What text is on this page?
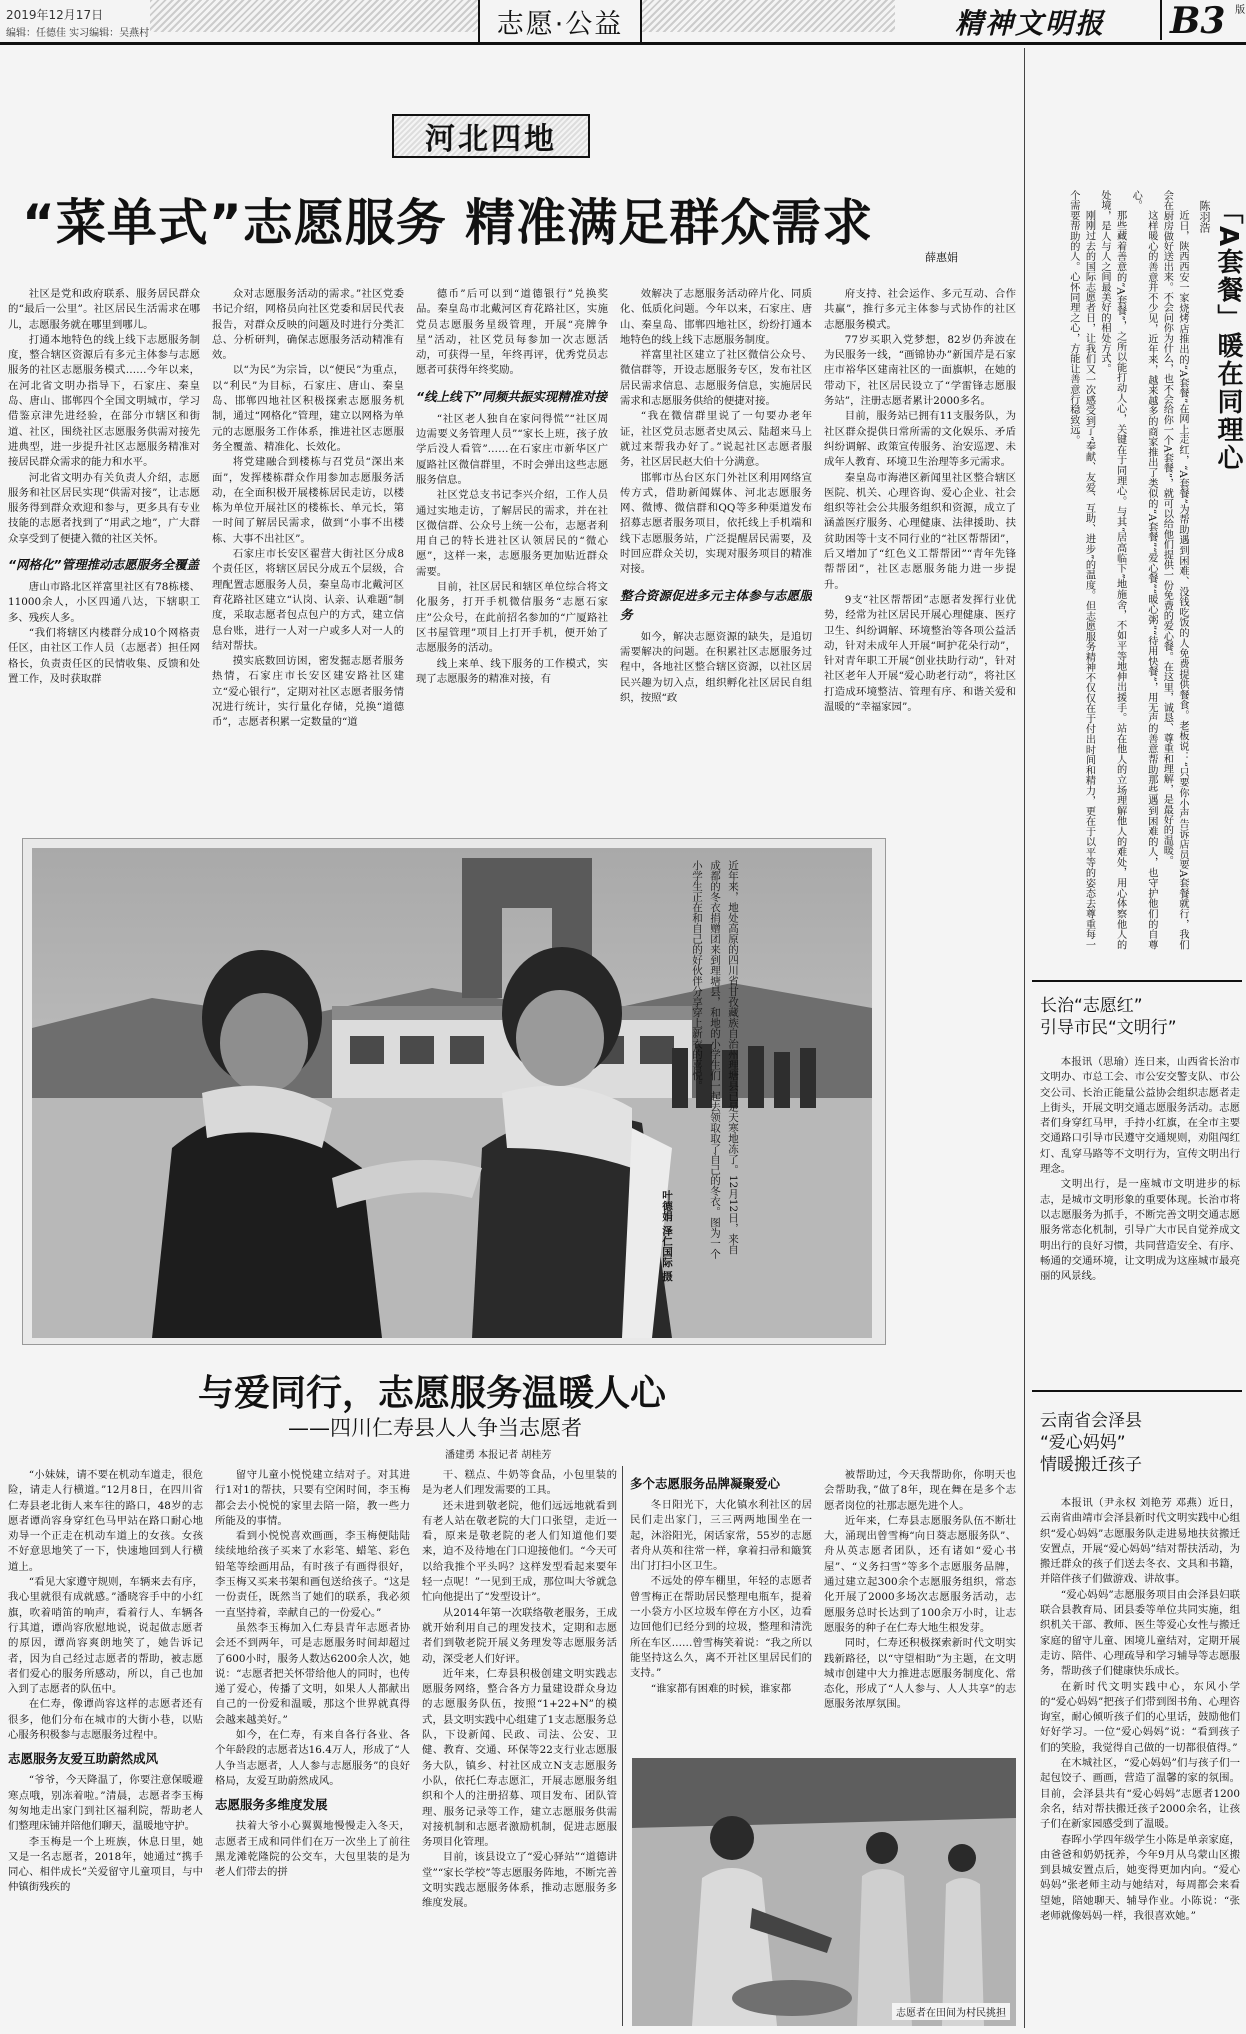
2019年12月17日
编辑：任德佳 实习编辑：吴燕村	志愿·公益	精神文明报 B3 版
河北四地
“菜单式”志愿服务 精准满足群众需求
薛惠娟

社区是党和政府联系、服务居民群众的“最后一公里”。社区居民生活需求在哪儿，志愿服务就在哪里到哪儿。

打通本地特色的线上线下志愿服务制度，整合辖区资源后有多元主体参与志愿服务的社区志愿服务模式……今年以来，在河北省文明办指导下，石家庄、秦皇岛、唐山、邯郸四个全国文明城市，学习借鉴京津先进经验，在部分市辖区和街道、社区，围绕社区志愿服务供需对接先进典型，进一步提升社区志愿服务精准对接居民群众需求的能力和水平。

河北省文明办有关负责人介绍，志愿服务和社区居民实现“供需对接”，让志愿服务得到群众欢迎和参与，更多具有专业技能的志愿者找到了“用武之地”，广大群众享受到了便捷入微的社区关怀。

“网格化”管理推动志愿服务全覆盖

唐山市路北区祥富里社区有78栋楼、11000余人，小区四通八达，下辖职工多、残疾人多。

“我们将辖区内楼群分成10个网格责任区，由社区工作人员（志愿者）担任网格长，负责责任区的民情收集、反馈和处置工作，及时获取群

众对志愿服务活动的需求。”社区党委书记介绍，网格员向社区党委和居民代表报告，对群众反映的问题及时进行分类汇总、分析研判，确保志愿服务活动精准有效。

以“为民”为宗旨，以“便民”为重点，以“利民”为目标，石家庄、唐山、秦皇岛、邯郸四地社区积极探索志愿服务机制，通过“网格化”管理，建立以网格为单元的志愿服务工作体系，推进社区志愿服务全覆盖、精准化、长效化。

将党建融合到楼栋与召党员“深出来面”，发挥楼栋群众作用参加志愿服务活动，在全面积极开展楼栋居民走访，以楼栋为单位开展社区的楼栋长、单元长，第一时间了解居民需求，做到“小事不出楼栋、大事不出社区”。

石家庄市长安区翟营大街社区分成8个责任区，将辖区居民分成五个层级，合理配置志愿服务人员，秦皇岛市北戴河区育花路社区建立“认岗、认亲、认难题”制度，采取志愿者包点包户的方式，建立信息台账，进行一人对一户或多人对一人的结对帮扶。

摸实底数回访困，密发掘志愿者服务热情，石家庄市长安区建安路社区建立“爱心银行”，定期对社区志愿者服务情况进行统计，实行量化存储，兑换“道德币”，志愿者积累一定数量的“道

德币”后可以到“道德银行”兑换奖品。秦皇岛市北戴河区育花路社区，实施党员志愿服务星级管理，开展“亮牌争星”活动，社区党员每参加一次志愿活动，可获得一星，年终再评，优秀党员志愿者可获得年终奖励。

“线上线下”同频共振实现精准对接

“社区老人独自在家问得慌”“社区周边需要义务管理人员”“家长上班，孩子放学后没人看管”……在石家庄市新华区广厦路社区微信群里，不时会弹出这些志愿服务信息。

社区党总支书记李兴介绍，工作人员通过实地走访，了解居民的需求，并在社区微信群、公众号上统一公布，志愿者利用自己的特长进社区认领居民的“微心愿”，这样一来，志愿服务更加贴近群众需要。

目前，社区居民和辖区单位综合将文化服务，打开手机微信服务“志愿石家庄”公众号，在此前招名参加的“广厦路社区书屋管理”项目上打开手机，便开始了志愿服务的活动。

线上来单、线下服务的工作模式，实现了志愿服务的精准对接，有

效解决了志愿服务活动碎片化、同质化、低质化问题。今年以来，石家庄、唐山、秦皇岛、邯郸四地社区，纷纷打通本地特色的线上线下志愿服务制度。

祥富里社区建立了社区微信公众号、微信群等，开设志愿服务专区，发布社区居民需求信息、志愿服务信息，实施居民需求和志愿服务供给的便捷对接。

“我在微信群里说了一句要办老年证，社区党员志愿者史凤云、陆超来马上就过来帮我办好了。”说起社区志愿者服务，社区居民赵大伯十分满意。

邯郸市丛台区东门外社区利用网络宣传方式，借助新闻媒体、河北志愿服务网、微博、微信群和QQ等多种渠道发布招募志愿者服务项目，依托线上手机端和线下志愿服务站，广泛提醒居民需要，及时回应群众关切，实现对服务项目的精准对接。

整合资源促进多元主体参与志愿服务

如今，解决志愿资源的缺失，是追切需要解决的问题。在积累社区志愿服务过程中，各地社区整合辖区资源，以社区居民兴趣为切入点，组织孵化社区居民自组织，按照“政

府支持、社会运作、多元互动、合作共赢”，推行多元主体参与式协作的社区志愿服务模式。

77岁买职入党梦想，82岁仍奔波在为民服务一线，“画锦协办”新国芹是石家庄市裕华区建南社区的一面旗帜，在她的带动下，社区居民设立了“学雷锋志愿服务站”，注册志愿者累计2000多名。

目前，服务站已拥有11支服务队，为社区群众提供日常所需的文化娱乐、矛盾纠纷调解、政策宣传服务、治安巡逻、未成年人教育、环境卫生治理等多元需求。

秦皇岛市海港区新闻里社区整合辖区医院、机关、心理咨询、爱心企业、社会组织等社会公共服务组织和资源，成立了涵盖医疗服务、心理健康、法律援助、扶贫助困等十支不同行业的“社区帮帮团”，后又增加了“红色义工帮帮团”“青年先锋帮帮团”，社区志愿服务能力进一步提升。

9支“社区帮帮团”志愿者发挥行业优势，经常为社区居民开展心理健康、医疗卫生、纠纷调解、环境整治等各项公益活动，针对未成年人开展“呵护花朵行动”，针对青年职工开展“创业扶助行动”，针对社区老年人开展“爱心助老行动”，将社区打造成环境整洁、管理有序、和谐关爱和温暖的“幸福家园”。

近年来，地处高原的四川省甘孜藏族自治州理塘县已是天寒地冻了。12月12日，来自成都的冬衣捐赠团来到理塘县，和地的小学生们一起去领取取了自己的冬衣。图为一个小学生正在和自己的好伙伴分享穿上新衣的喜悦。
叶德娟 泽仁国际 摄
与爱同行，志愿服务温暖人心
——四川仁寿县人人争当志愿者
潘建勇 本报记者 胡桂芳

“小妹妹，请不要在机动车道走，很危险，请走人行横道。”12月8日，在四川省仁寿县老北街人来车往的路口，48岁的志愿者谭尚容身穿红色马甲站在路口耐心地劝导一个正走在机动车道上的女孩。女孩不好意思地笑了一下，快速地回到人行横道上。

“看见大家遵守规则，车辆来去有序，我心里就很有成就感。”潘晓容手中的小红旗，吹着哨笛的响声，看着行人、车辆各行其道，谭尚容欣慰地说，说起做志愿者的原因，谭尚容爽朗地笑了，她告诉记者，因为自己经过志愿者的帮助，被志愿者们爱心的服务所感动，所以，自己也加入到了志愿者的队伍中。

在仁寿，像谭尚容这样的志愿者还有很多，他们分布在城市的大街小巷，以贴心服务积极参与志愿服务过程中。

志愿服务友爱互助蔚然成风

“爷爷，今天降温了，你要注意保暖避寒点哦，别冻着啦。”清晨，志愿者李玉梅匆匆地走出家门到社区福利院，帮助老人们整理床铺并陪他们聊天，温暖地守护。

李玉梅是一个上班族，休息日里，她又是一名志愿者，2018年，她通过“携手同心、相伴成长”关爱留守儿童项目，与中仲镇街残疾的

留守儿童小悦悦建立结对子。对其进行1对1的帮扶，只要有空闲时间，李玉梅都会去小悦悦的家里去陪一陪，教一些力所能及的事情。

看到小悦悦喜欢画画，李玉梅便陆陆续续地给孩子买来了水彩笔、蜡笔、彩色铅笔等绘画用品，有时孩子有画得很好，李玉梅又买来书架和画包送给孩子。“这是一份责任，既然当了她们的联系，我必须一直坚持着，幸献自己的一份爱心。”

虽然李玉梅加入仁寿县青年志愿者协会还不到两年，可是志愿服务时间却超过了600小时，服务人数达6200余人次，她说：“志愿者把关怀带给他人的同时，也传递了爱心，传播了文明，如果人人都献出自己的一份爱和温暖，那这个世界就真得会越来越美好。”

如今，在仁寿，有来自各行各业、各个年龄段的志愿者达16.4万人，形成了“人人争当志愿者，人人参与志愿服务”的良好格局，友爱互助蔚然成风。

志愿服务多维度发展

扶着大爷小心翼翼地慢慢走入冬天，志愿者王成和同伴们在万一次坐上了前往黑龙滩乾隆院的公交车，大包里装的是为老人们带去的拼

干、糕点、牛奶等食品，小包里装的是为老人们理发需要的工具。

还未进到敬老院，他们远远地就看到有老人站在敬老院的大门口张望，走近一看，原来是敬老院的老人们知道他们要来，迫不及待地在门口迎接他们。“今天可以给我推个平头吗？这样发型看起来要年轻一点呢！”一见到王成，那位叫大爷就急忙向他提出了“发型设计”。

从2014年第一次联络敬老服务，王成就开始利用自己的理发技术，定期和志愿者们到敬老院开展义务理发等志愿服务活动，深受老人们好评。

近年来，仁寿县积极创建文明实践志愿服务网络，整合各方力量建设群众身边的志愿服务队伍，按照“1+22+N”的模式，县文明实践中心组建了1支志愿服务总队，下设新闻、民政、司法、公安、卫健、教育、交通、环保等22支行业志愿服务大队，镇乡、村社区成立N支志愿服务小队，依托仁寿志愿汇，开展志愿服务组织和个人的注册招募、项目发布、团队管理、服务记录等工作，建立志愿服务供需对接机制和志愿者激励机制，促进志愿服务项目化管理。

目前，该县设立了“爱心驿站”“道德讲堂”“家长学校”等志愿服务阵地，不断完善文明实践志愿服务体系，推动志愿服务多维度发展。

多个志愿服务品牌凝聚爱心

冬日阳光下，大化镇水利社区的居民们走出家门，三三两两地围坐在一起，沐浴阳光，闲话家常，55岁的志愿者舟从英和往常一样，拿着扫帚和簸箕出门打扫小区卫生。

不远处的停车棚里，年轻的志愿者曾雪梅正在帮助居民整理电瓶车，提着一小袋方小区垃圾车停在方小区，边看边回他们已经分到的垃圾，整理和清洗所在车区……曾雪梅笑着说：“我之所以能坚持这么久，离不开社区里居民们的支持。”

“谁家都有困难的时候，谁家都

被帮助过，今天我帮助你，你明天也会帮助我，”做了8年，现在舞在是多个志愿者岗位的社那志愿先进个人。

近年来，仁寿县志愿服务队伍不断壮大，涌现出曾雪梅“向日葵志愿服务队”、舟从英志愿者团队，还有诸如“爱心书屋”、“义务扫雪”等多个志愿服务品牌，通过建立起300余个志愿服务组织，常态化开展了2000多场次志愿服务活动，志愿服务总时长达到了100余万小时，让志愿服务的种子在仁寿大地生根发芽。

同时，仁寿还积极探索新时代文明实践新路径，以“守望相助”为主题，在文明城市创建中大力推进志愿服务制度化、常态化，形成了“人人参与、人人共享”的志愿服务浓厚氛围。

志愿者在田间为村民挑担
「A套餐」暖在同理心
陈羽浩

近日，陕西西安一家烧烤店推出的“A套餐”在网上走红，“A套餐”为帮助遇到困难、没钱吃饭的人免费提供餐食。老板说：“只要你小声告诉店员要A套餐就行，我们会在厨房做好送出来。不会问你为什么，也不会给你一个A套餐”，就可以给他们提供一份免费的爱心餐。在这里，诚恳、尊重和理解，是最好的温暖。

这样暖心的善意并不少见，近年来，越来越多的商家推出了类似的“A套餐”“爱心餐”“暖心粥”“待用快餐”，用无声的善意帮助那些遇到困难的人，也守护他们的自尊心。

那些藏着善意的“A套餐”，之所以能打动人心，关键在于同理心。与其“居高临下”地施舍，不如平等地伸出援手。站在他人的立场理解他人的难处，用心体察他人的处境，是人与人之间最美好的相处方式。

刚刚过去的国际志愿者日，让我们又一次感受到了“奉献、友爱、互助、进步”的温度。但志愿服务精神不仅仅在于付出时间和精力，更在于以平等的姿态去尊重每一个需要帮助的人。心怀同理之心，方能让善意行稳致远。

长治“志愿红”
引导市民“文明行”

本报讯（思瑜）连日来，山西省长治市文明办、市总工会、市公安交警支队、市公交公司、长治正能量公益协会组织志愿者走上街头，开展文明交通志愿服务活动。志愿者们身穿红马甲，手持小红旗，在全市主要交通路口引导市民遵守交通规则，劝阻闯红灯、乱穿马路等不文明行为，宣传文明出行理念。

文明出行，是一座城市文明进步的标志，是城市文明形象的重要体现。长治市将以志愿服务为抓手，不断完善文明交通志愿服务常态化机制，引导广大市民自觉养成文明出行的良好习惯，共同营造安全、有序、畅通的交通环境，让文明成为这座城市最亮丽的风景线。

云南省会泽县
“爱心妈妈”
情暖搬迁孩子

本报讯（尹永权 刘艳芳 邓燕）近日，云南省曲靖市会泽县新时代文明实践中心组织“爱心妈妈”志愿服务队走进易地扶贫搬迁安置点，开展“爱心妈妈”结对帮扶活动，为搬迁群众的孩子们送去冬衣、文具和书籍，并陪伴孩子们做游戏、讲故事。

“爱心妈妈”志愿服务项目由会泽县妇联联合县教育局、团县委等单位共同实施，组织机关干部、教师、医生等爱心女性与搬迁家庭的留守儿童、困境儿童结对，定期开展走访、陪伴、心理疏导和学习辅导等志愿服务，帮助孩子们健康快乐成长。

在新时代文明实践中心，东风小学的“爱心妈妈”把孩子们带到图书角、心理咨询室，耐心倾听孩子们的心里话，鼓励他们好好学习。一位“爱心妈妈”说：“看到孩子们的笑脸，我觉得自己做的一切都很值得。”

在木城社区，“爱心妈妈”们与孩子们一起包饺子、画画，营造了温馨的家的氛围。目前，会泽县共有“爱心妈妈”志愿者1200余名，结对帮扶搬迁孩子2000余名，让孩子们在新家园感受到了温暖。

春晖小学四年级学生小陈是单亲家庭，由爸爸和奶奶抚养，今年9月从乌蒙山区搬到县城安置点后，她变得更加内向。“爱心妈妈”张老师主动与她结对，每周都会来看望她，陪她聊天、辅导作业。小陈说：“张老师就像妈妈一样，我很喜欢她。”
